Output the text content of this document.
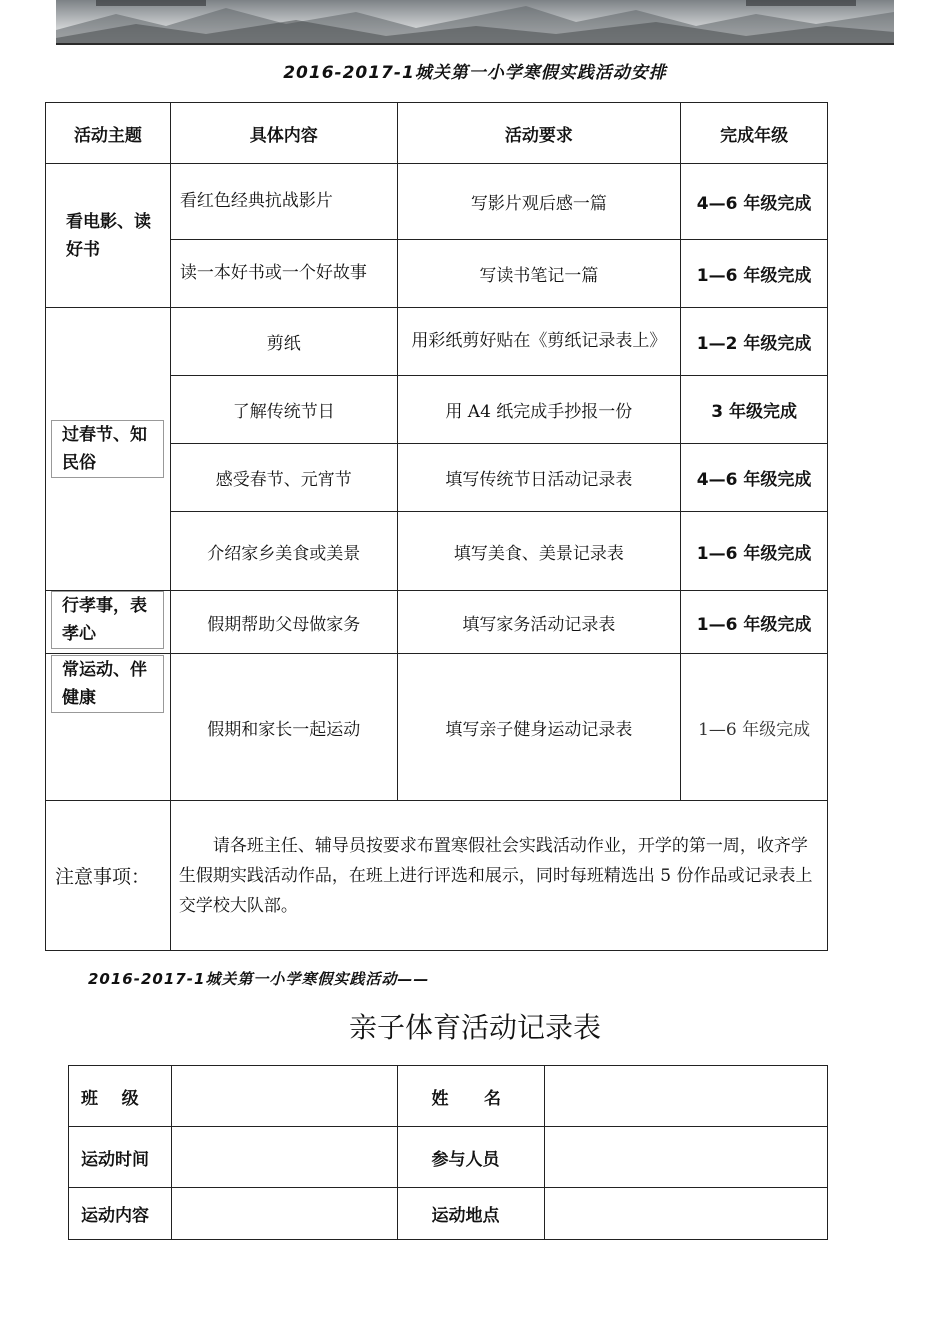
2016-2017-1城关第一小学寒假实践活动安排
活动主题	具体内容	活动要求	完成年级

看电影、读好书	看红色经典抗战影片	写影片观后感一篇	4—6 年级完成
	读一本好书或一个好故事	写读书笔记一篇	1—6 年级完成

过春节、知民俗	剪纸	用彩纸剪好贴在《剪纸记录表上》	1—2 年级完成
	了解传统节日	用 A4 纸完成手抄报一份	3 年级完成
	感受春节、元宵节	填写传统节日活动记录表	4—6 年级完成
	介绍家乡美食或美景	填写美食、美景记录表	1—6 年级完成

行孝事，表孝心	假期帮助父母做家务	填写家务活动记录表	1—6 年级完成

常运动、伴健康	假期和家长一起运动	填写亲子健身运动记录表	1—6 年级完成
注意事项：	请各班主任、辅导员按要求布置寒假社会实践活动作业，开学的第一周，收齐学生假期实践活动作品，在班上进行评选和展示，同时每班精选出 5 份作品或记录表上交学校大队部。		
2016-2017-1城关第一小学寒假实践活动——
亲子体育活动记录表
班    级		姓      名	
运动时间		参与人员	
运动内容		运动地点	
